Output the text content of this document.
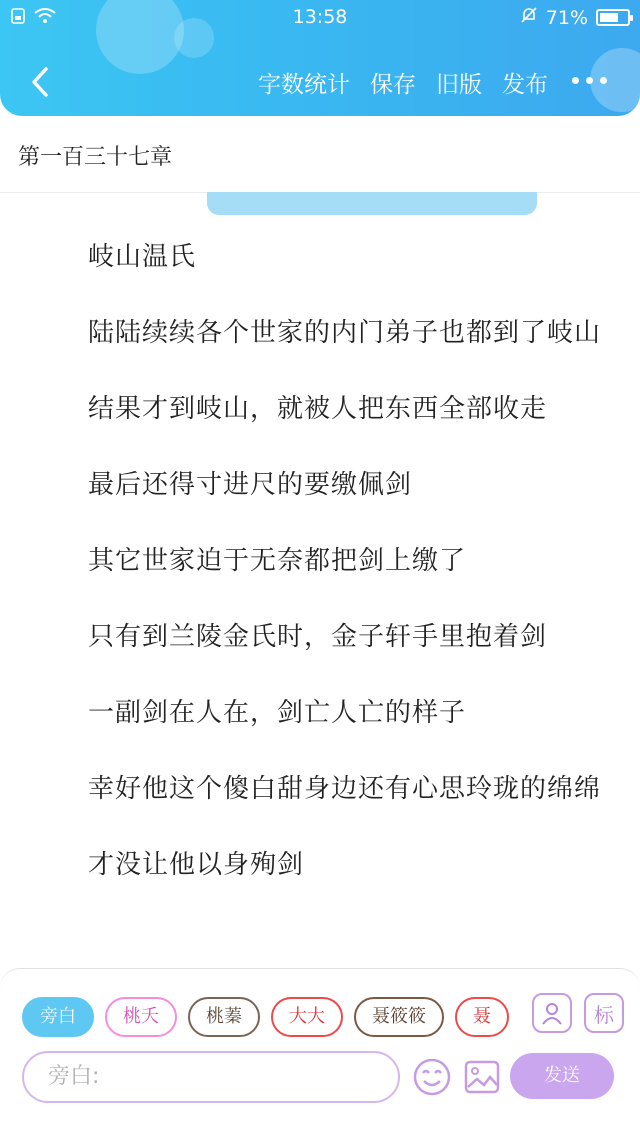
13:58	71%
字数统计 保存 旧版 发布
第一百三十七章

岐山温氏

陆陆续续各个世家的内门弟子也都到了岐山

结果才到岐山，就被人把东西全部收走

最后还得寸进尺的要缴佩剑

其它世家迫于无奈都把剑上缴了

只有到兰陵金氏时，金子轩手里抱着剑

一副剑在人在，剑亡人亡的样子

幸好他这个傻白甜身边还有心思玲珑的绵绵

才没让他以身殉剑

旁白	桃夭	桃蓁	大大	聂筱筱	聂	标
旁白:	发送
